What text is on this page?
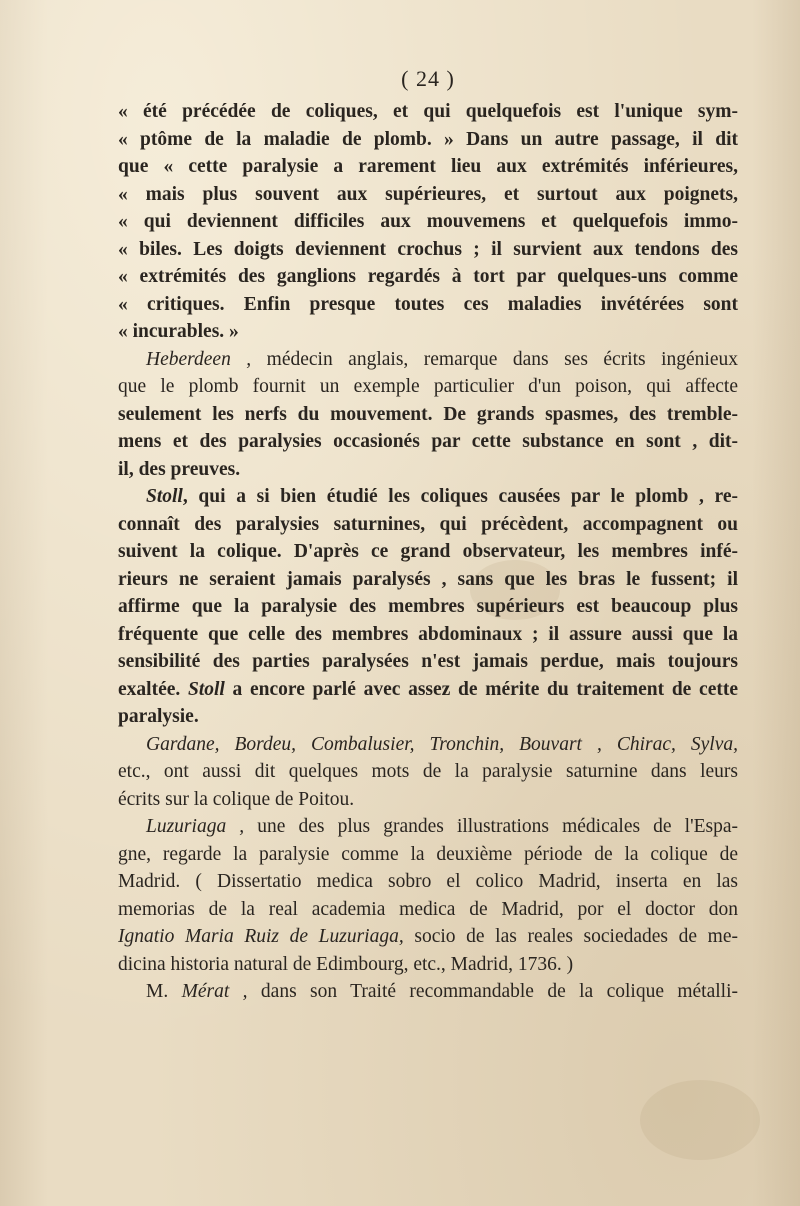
( 24 )
« été précédée de coliques, et qui quelquefois est l'unique sym-
« ptôme de la maladie de plomb. » Dans un autre passage, il dit
que « cette paralysie a rarement lieu aux extrémités inférieures,
« mais plus souvent aux supérieures, et surtout aux poignets,
« qui deviennent difficiles aux mouvemens et quelquefois immo-
« biles. Les doigts deviennent crochus ; il survient aux tendons des
« extrémités des ganglions regardés à tort par quelques-uns comme
« critiques. Enfin presque toutes ces maladies invétérées sont
« incurables. »
Heberdeen , médecin anglais, remarque dans ses écrits ingénieux
que le plomb fournit un exemple particulier d'un poison, qui affecte
seulement les nerfs du mouvement. De grands spasmes, des tremble-
mens et des paralysies occasionés par cette substance en sont , dit-
il, des preuves.
Stoll, qui a si bien étudié les coliques causées par le plomb , re-
connaît des paralysies saturnines, qui précèdent, accompagnent ou
suivent la colique. D'après ce grand observateur, les membres infé-
rieurs ne seraient jamais paralysés , sans que les bras le fussent; il
affirme que la paralysie des membres supérieurs est beaucoup plus
fréquente que celle des membres abdominaux ; il assure aussi que la
sensibilité des parties paralysées n'est jamais perdue, mais toujours
exaltée. Stoll a encore parlé avec assez de mérite du traitement de cette
paralysie.
Gardane, Bordeu, Combalusier, Tronchin, Bouvart , Chirac, Sylva,
etc., ont aussi dit quelques mots de la paralysie saturnine dans leurs
écrits sur la colique de Poitou.
Luzuriaga , une des plus grandes illustrations médicales de l'Espa-
gne, regarde la paralysie comme la deuxième période de la colique de
Madrid. ( Dissertatio medica sobro el colico Madrid, inserta en las
memorias de la real academia medica de Madrid, por el doctor don
Ignatio Maria Ruiz de Luzuriaga, socio de las reales sociedades de me-
dicina historia natural de Edimbourg, etc., Madrid, 1736. )
M. Mérat , dans son Traité recommandable de la colique métalli-
